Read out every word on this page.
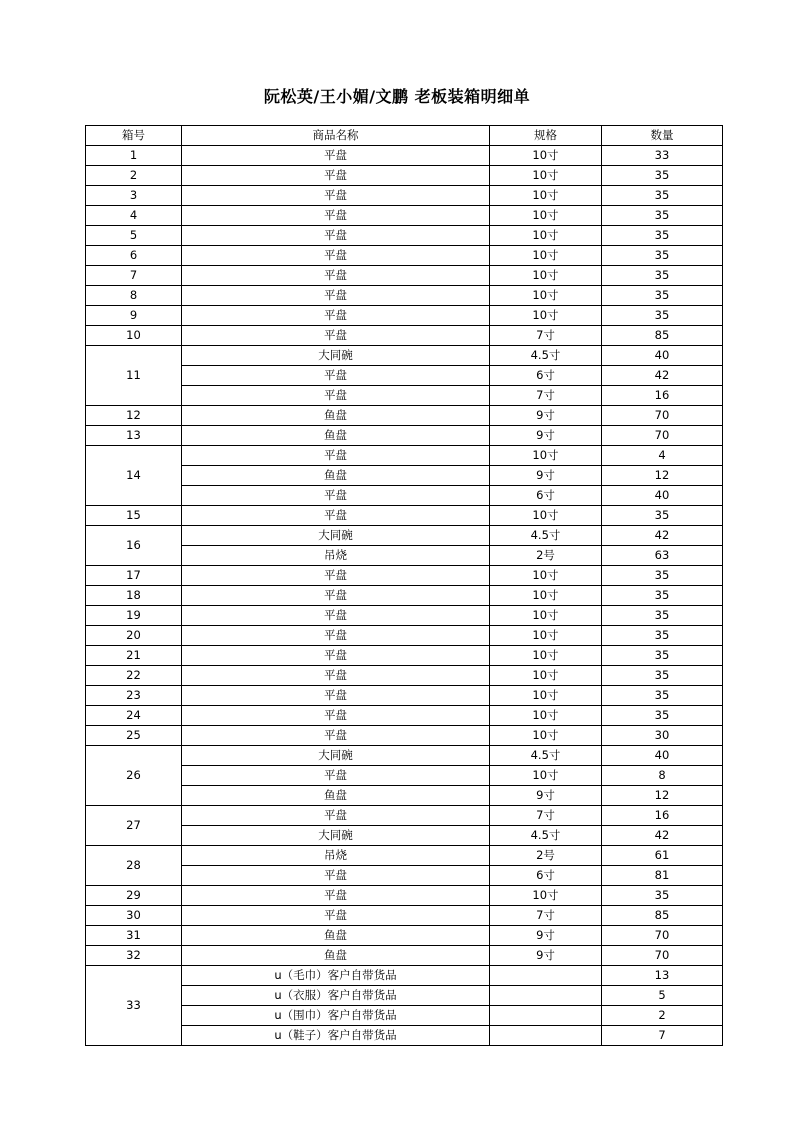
阮松英/王小媚/文鹏 老板装箱明细单
箱号	商品名称	规格	数量
1	平盘	10寸	33
2	平盘	10寸	35
3	平盘	10寸	35
4	平盘	10寸	35
5	平盘	10寸	35
6	平盘	10寸	35
7	平盘	10寸	35
8	平盘	10寸	35
9	平盘	10寸	35
10	平盘	7寸	85
11	大同碗	4.5寸	40
	平盘	6寸	42
	平盘	7寸	16
12	鱼盘	9寸	70
13	鱼盘	9寸	70
14	平盘	10寸	4
	鱼盘	9寸	12
	平盘	6寸	40
15	平盘	10寸	35
16	大同碗	4.5寸	42
	吊烧	2号	63
17	平盘	10寸	35
18	平盘	10寸	35
19	平盘	10寸	35
20	平盘	10寸	35
21	平盘	10寸	35
22	平盘	10寸	35
23	平盘	10寸	35
24	平盘	10寸	35
25	平盘	10寸	30
26	大同碗	4.5寸	40
	平盘	10寸	8
	鱼盘	9寸	12
27	平盘	7寸	16
	大同碗	4.5寸	42
28	吊烧	2号	61
	平盘	6寸	81
29	平盘	10寸	35
30	平盘	7寸	85
31	鱼盘	9寸	70
32	鱼盘	9寸	70
33	u（毛巾）客户自带货品		13
	u（衣服）客户自带货品		5
	u（围巾）客户自带货品		2
	u（鞋子）客户自带货品		7
